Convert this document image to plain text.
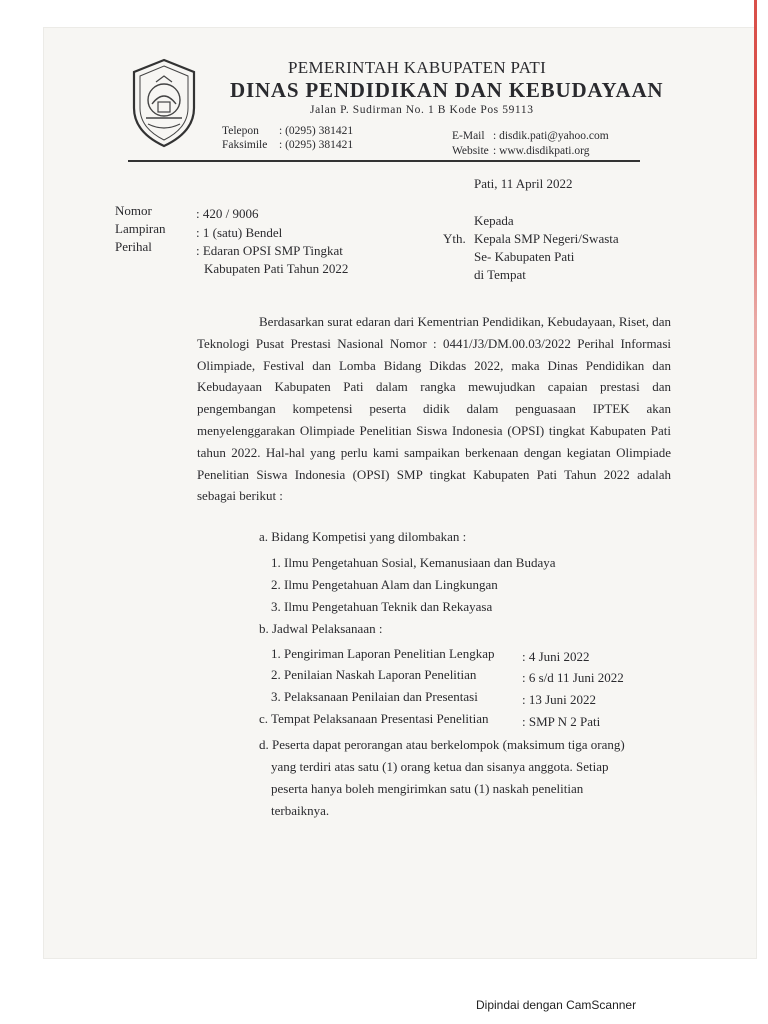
PEMERINTAH KABUPATEN PATI
DINAS PENDIDIKAN DAN KEBUDAYAAN
Jalan P. Sudirman No. 1 B Kode Pos 59113
Telepon : (0295) 381421
Faksimile : (0295) 381421
E-Mail : disdik.pati@yahoo.com
Website : www.disdikpati.org
Pati, 11 April 2022
Nomor	: 420 / 9006
Lampiran : 1 (satu) Bendel
Perihal	: Edaran OPSI SMP Tingkat
Kabupaten Pati Tahun 2022
Kepada
Yth. Kepala SMP Negeri/Swasta
Se- Kabupaten Pati
di Tempat

Berdasarkan surat edaran dari Kementrian Pendidikan, Kebudayaan, Riset, dan Teknologi Pusat Prestasi Nasional Nomor : 0441/J3/DM.00.03/2022 Perihal Informasi Olimpiade, Festival dan Lomba Bidang Dikdas 2022, maka Dinas Pendidikan dan Kebudayaan Kabupaten Pati dalam rangka mewujudkan capaian prestasi dan pengembangan kompetensi peserta didik dalam penguasaan IPTEK akan menyelenggarakan Olimpiade Penelitian Siswa Indonesia (OPSI) tingkat Kabupaten Pati tahun 2022. Hal-hal yang perlu kami sampaikan berkenaan dengan kegiatan Olimpiade Penelitian Siswa Indonesia (OPSI) SMP tingkat Kabupaten Pati Tahun 2022 adalah sebagai berikut :

a. Bidang Kompetisi yang dilombakan :
1. Ilmu Pengetahuan Sosial, Kemanusiaan dan Budaya
2. Ilmu Pengetahuan Alam dan Lingkungan
3. Ilmu Pengetahuan Teknik dan Rekayasa
b. Jadwal Pelaksanaan :
1. Pengiriman Laporan Penelitian Lengkap : 4 Juni 2022
2. Penilaian Naskah Laporan Penelitian	: 6 s/d 11 Juni 2022
3. Pelaksanaan Penilaian dan Presentasi	: 13 Juni 2022
c. Tempat Pelaksanaan Presentasi Penelitian	: SMP N 2 Pati
d. Peserta dapat perorangan atau berkelompok (maksimum tiga orang)
yang terdiri atas satu (1) orang ketua dan sisanya anggota. Setiap
peserta hanya boleh mengirimkan satu (1) naskah penelitian
terbaiknya.
Dipindai dengan CamScanner
